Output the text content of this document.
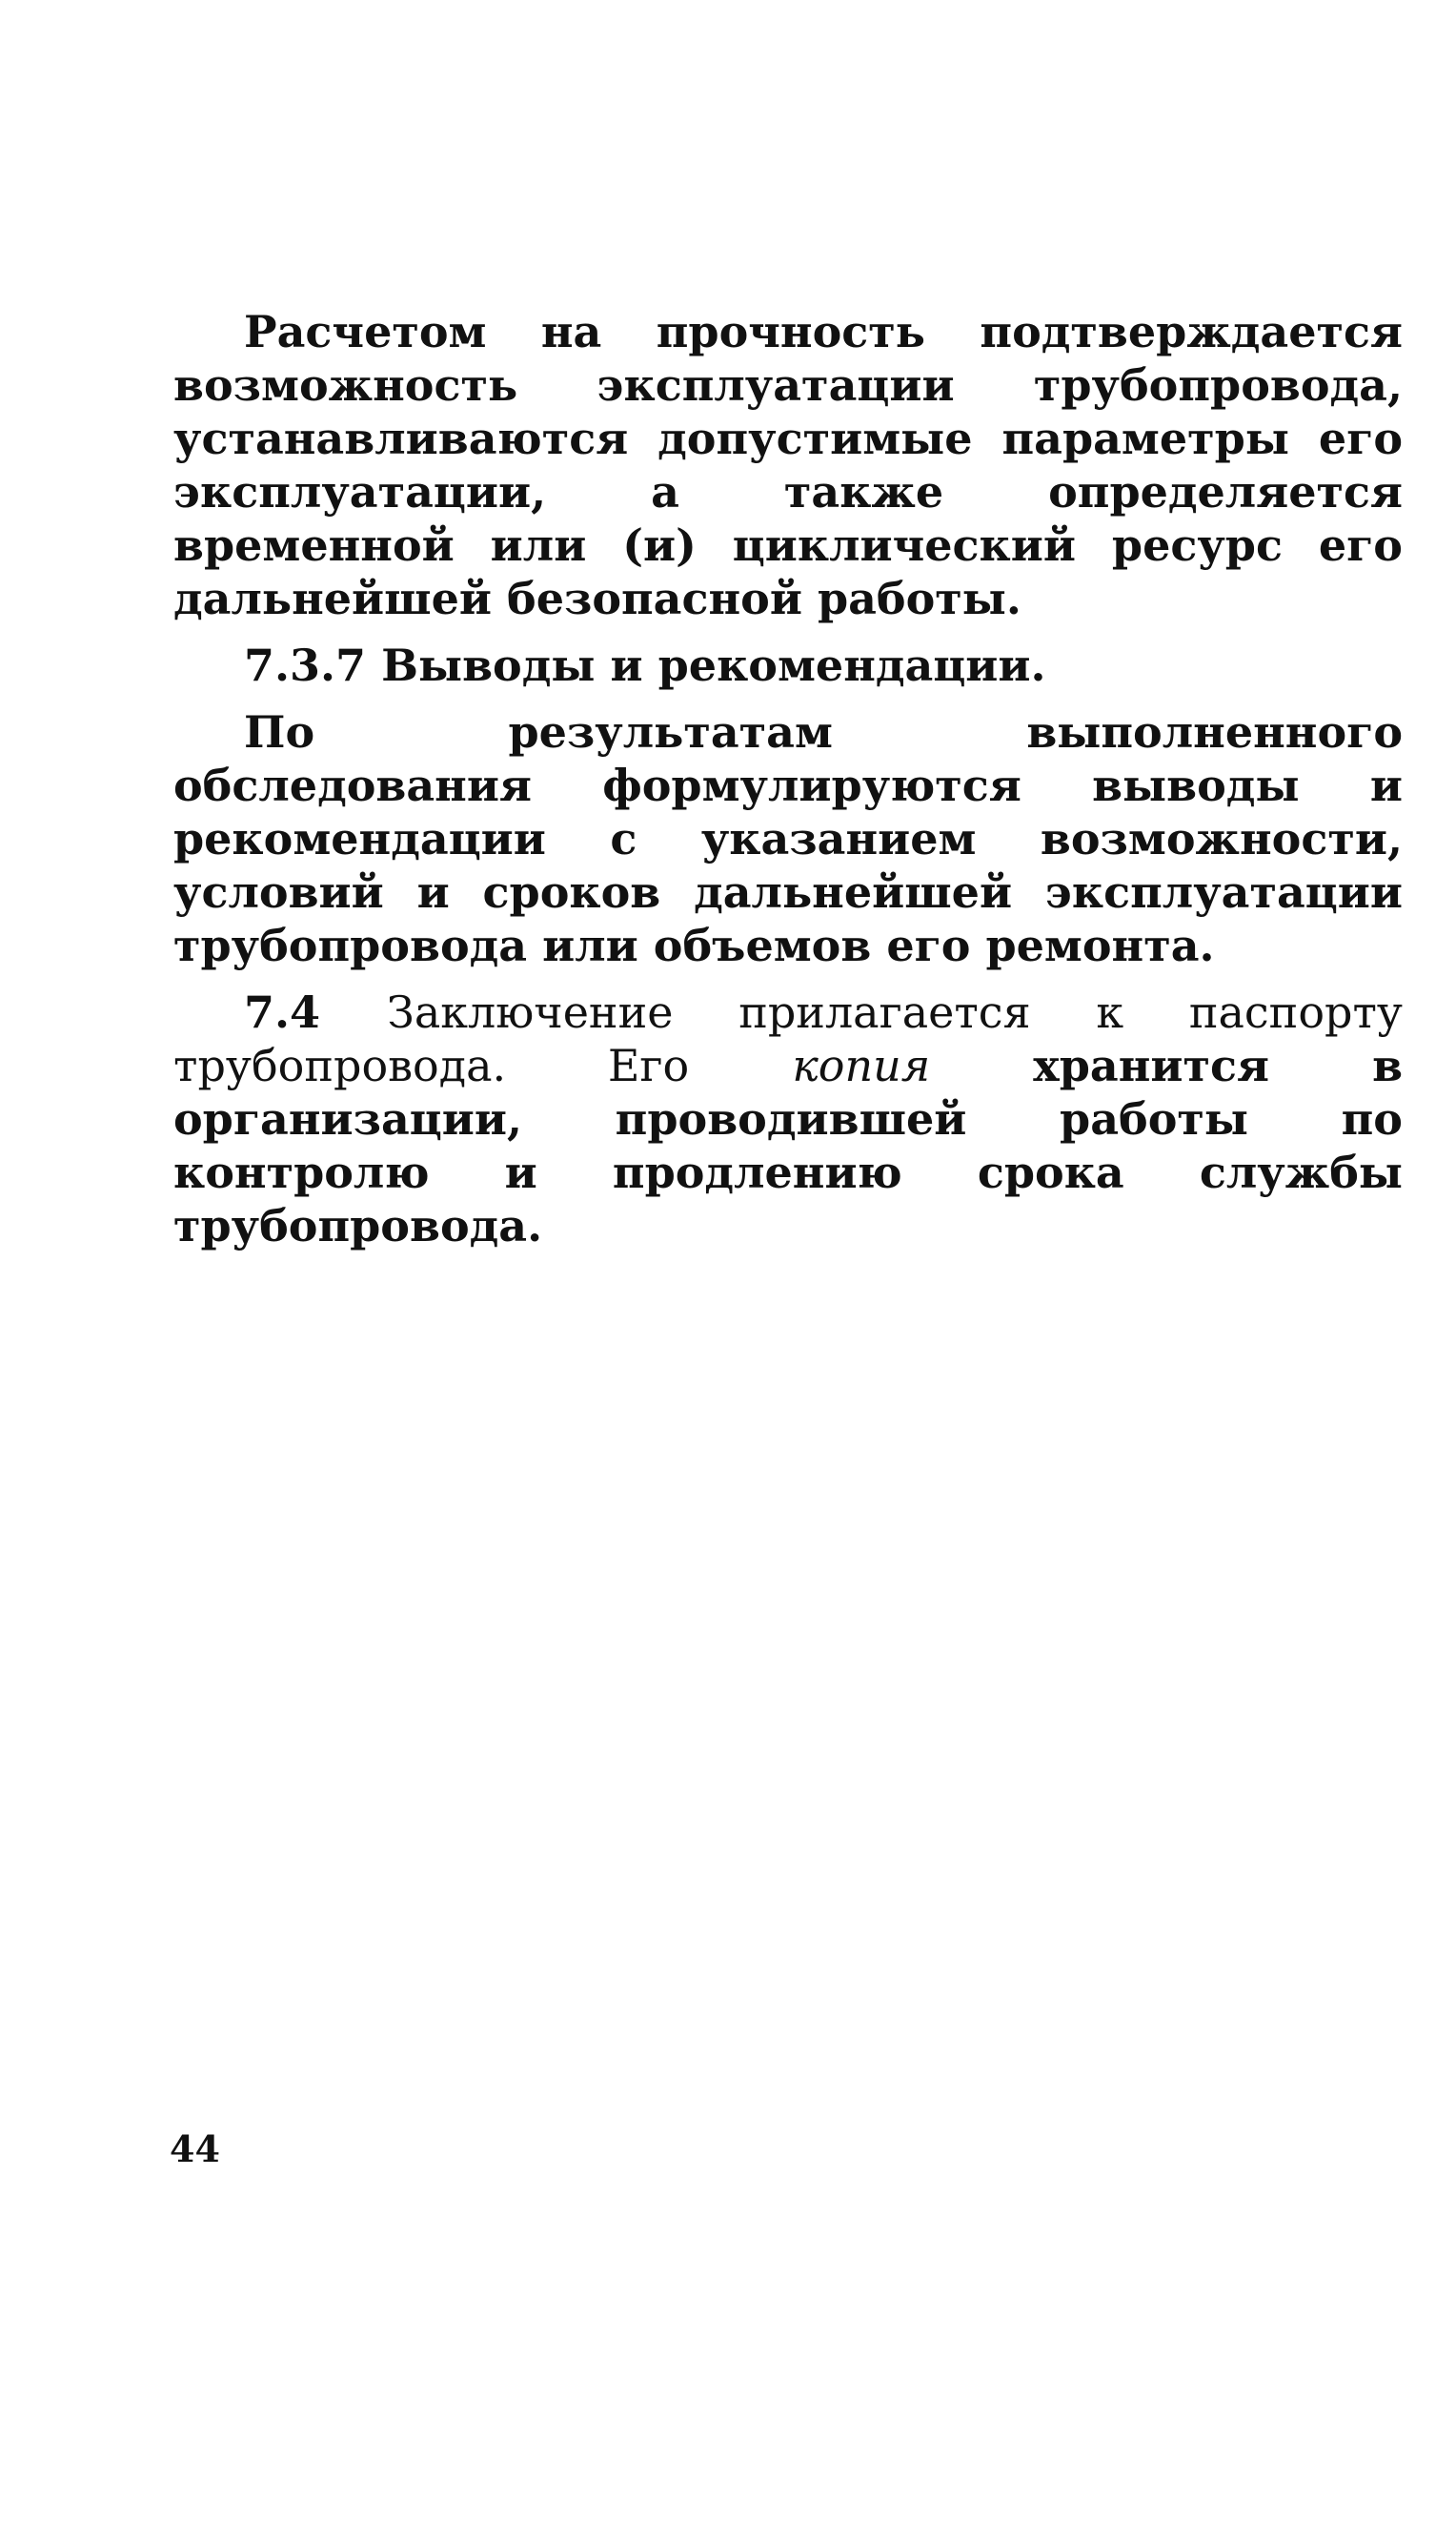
Расчетом на прочность подтверждается возможность эксплуатации трубопровода, устанавливаются допустимые параметры его эксплуатации, а также определяется временной или (и) циклический ресурс его дальнейшей безопасной работы.

7.3.7 Выводы и рекомендации.

По результатам выполненного обследования формулируются выводы и рекомендации с указанием возможности, условий и сроков дальнейшей эксплуатации трубопровода или объемов его ремонта.

7.4 Заключение прилагается к паспорту трубопровода. Его копия хранится в организации, проводившей работы по контролю и продлению срока службы трубопровода.

44
